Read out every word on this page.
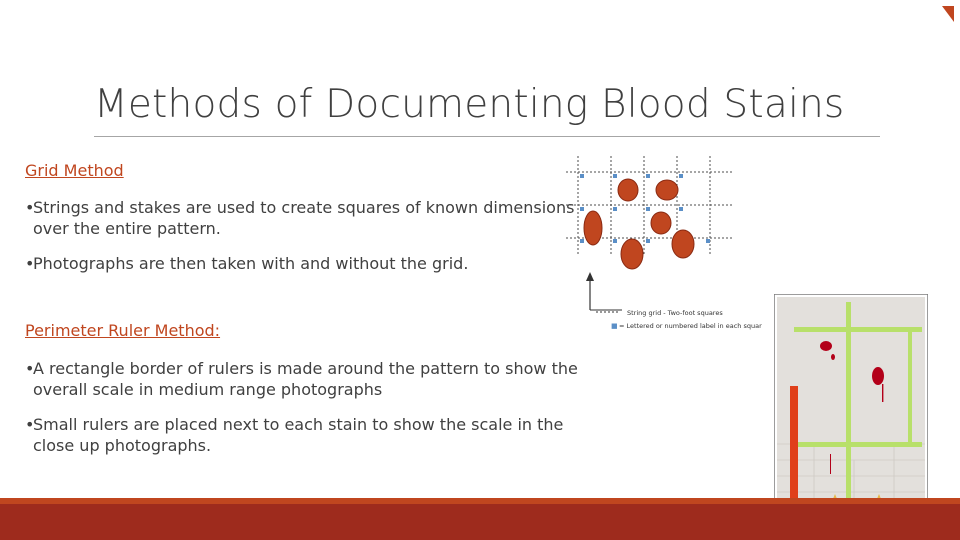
Methods of Documenting Blood Stains
Grid Method
•Strings and stakes are used to create squares of known dimensions over the entire pattern.
•Photographs are then taken with and without the grid.
Perimeter Ruler Method:
•A rectangle border of rulers is made around the pattern to show the overall scale in medium range photographs
•Small rulers are placed next to each stain to show the scale in the close up photographs.
String grid - Two-foot squares
■ = Lettered or numbered label in each square
